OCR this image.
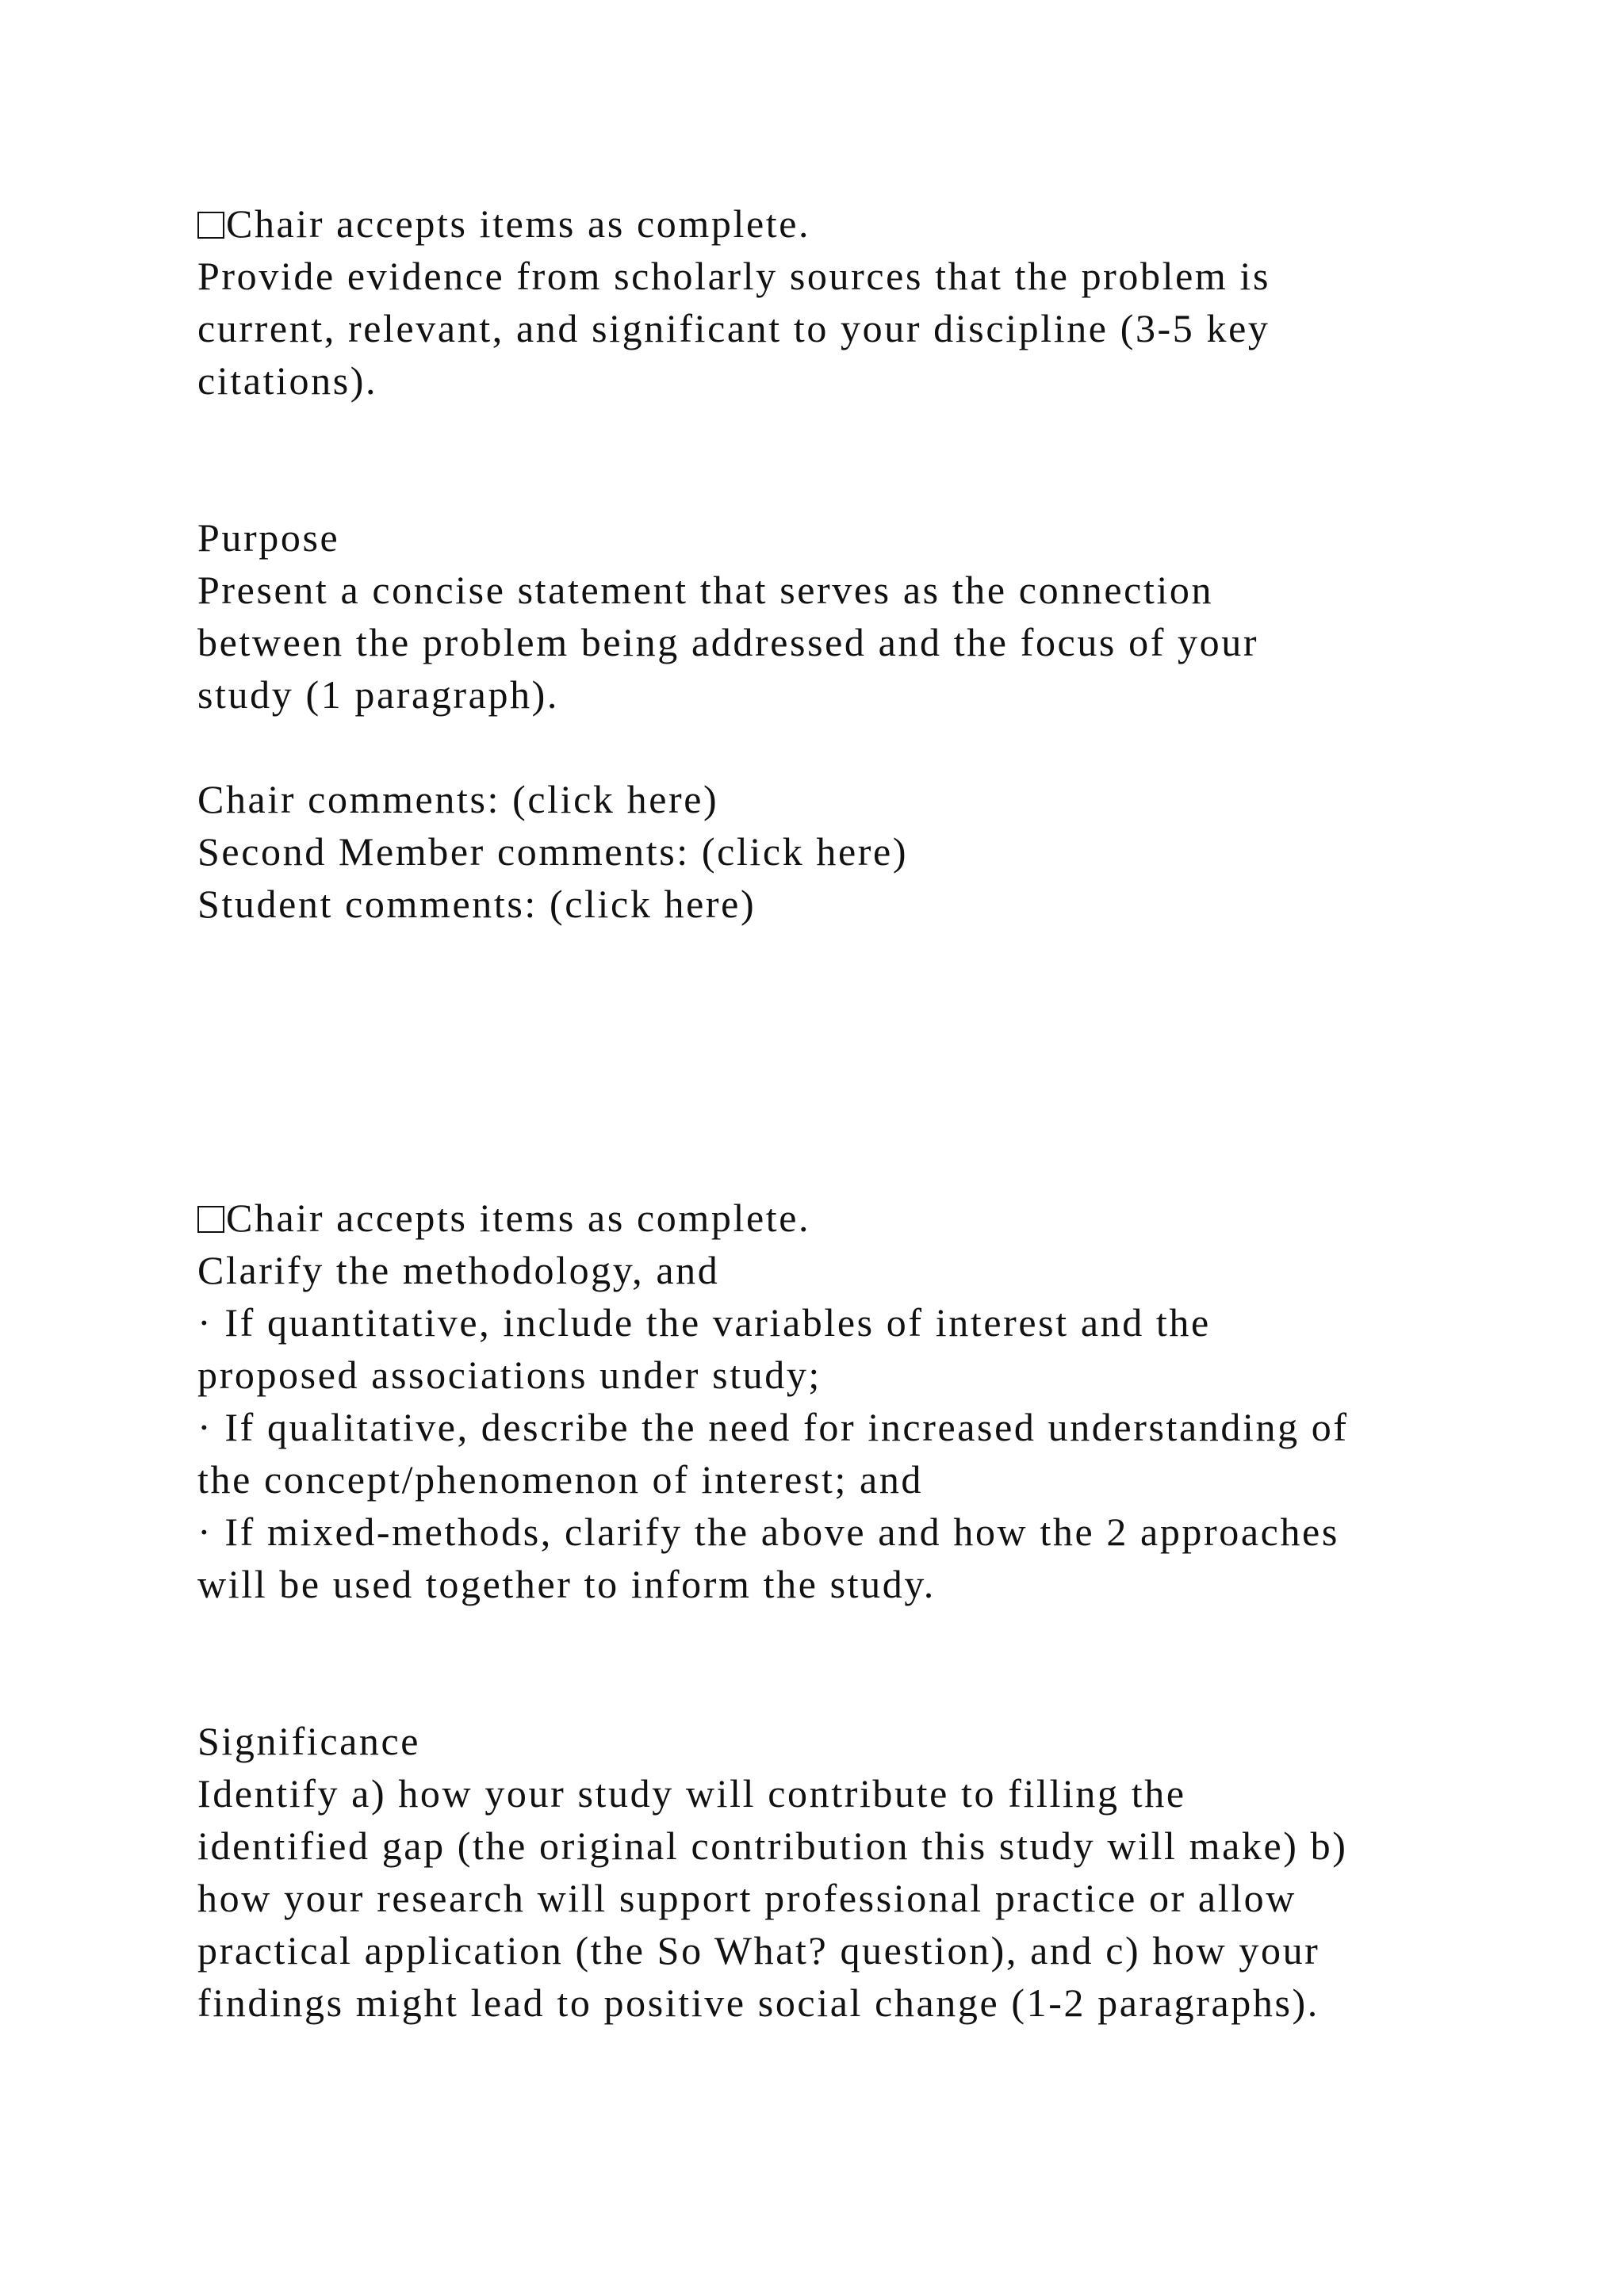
Chair accepts items as complete.

Provide evidence from scholarly sources that the problem is

current, relevant, and significant to your discipline (3-5 key

citations).

Purpose

Present a concise statement that serves as the connection

between the problem being addressed and the focus of your

study (1 paragraph).

Chair comments: (click here)

Second Member comments: (click here)

Student comments: (click here)

Chair accepts items as complete.

Clarify the methodology, and

· If quantitative, include the variables of interest and the

proposed associations under study;

· If qualitative, describe the need for increased understanding of

the concept/phenomenon of interest; and

· If mixed-methods, clarify the above and how the 2 approaches

will be used together to inform the study.

Significance

Identify a) how your study will contribute to filling the

identified gap (the original contribution this study will make) b)

how your research will support professional practice or allow

practical application (the So What? question), and c) how your

findings might lead to positive social change (1-2 paragraphs).
